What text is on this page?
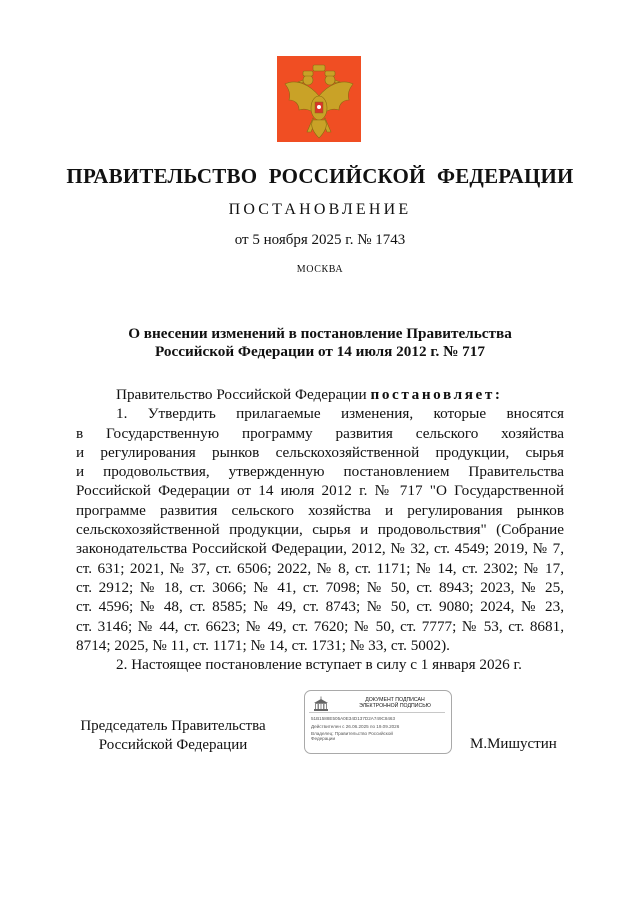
ПРАВИТЕЛЬСТВО РОССИЙСКОЙ ФЕДЕРАЦИИ
ПОСТАНОВЛЕНИЕ
от 5 ноября 2025 г. № 1743
МОСКВА
О внесении изменений в постановление Правительства
Российской Федерации от 14 июля 2012 г. № 717
Правительство Российской Федерации постановляет:
1. Утвердить прилагаемые изменения, которые вносятся
в Государственную программу развития сельского хозяйства
и регулирования рынков сельскохозяйственной продукции, сырья
и продовольствия, утвержденную постановлением Правительства
Российской Федерации от 14 июля 2012 г. № 717 "О Государственной
программе развития сельского хозяйства и регулирования рынков
сельскохозяйственной продукции, сырья и продовольствия" (Собрание
законодательства Российской Федерации, 2012, № 32, ст. 4549; 2019, № 7,
ст. 631; 2021, № 37, ст. 6506; 2022, № 8, ст. 1171; № 14, ст. 2302; № 17,
ст. 2912; № 18, ст. 3066; № 41, ст. 7098; № 50, ст. 8943; 2023, № 25,
ст. 4596; № 48, ст. 8585; № 49, ст. 8743; № 50, ст. 9080; 2024, № 23,
ст. 3146; № 44, ст. 6623; № 49, ст. 7620; № 50, ст. 7777; № 53, ст. 8681,
8714; 2025, № 11, ст. 1171; № 14, ст. 1731; № 33, ст. 5002).
2. Настоящее постановление вступает в силу с 1 января 2026 г.
Председатель Правительства
Российской Федерации	М.Мишустин
ДОКУМЕНТ ПОДПИСАН
ЭЛЕКТРОННОЙ ПОДПИСЬЮ
51B1588E505A0E34D137D2A749C8463
Действителен с 26.06.2025 по 19.09.2026
Владелец: Правительство Российской
Федерации
